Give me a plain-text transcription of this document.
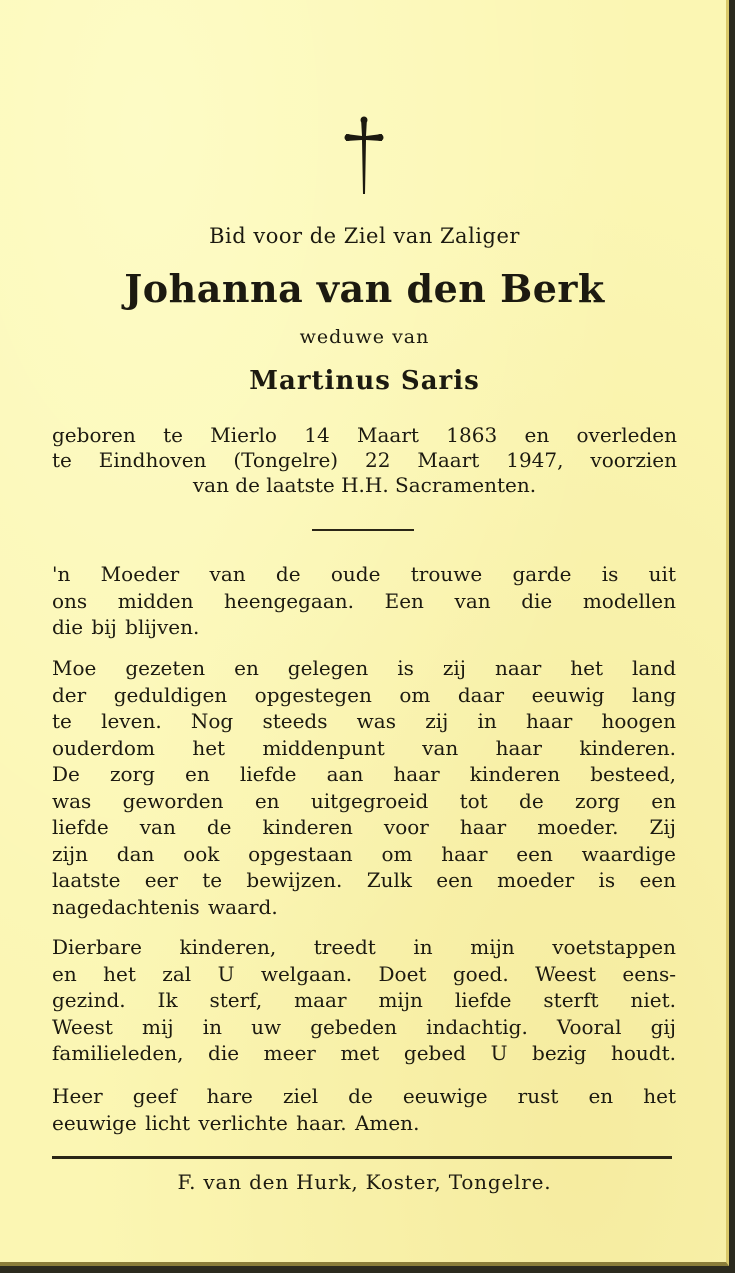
Bid voor de Ziel van Zaliger
Johanna van den Berk
weduwe van
Martinus Saris
geboren te Mierlo 14 Maart 1863 en overleden
te Eindhoven (Tongelre) 22 Maart 1947, voorzien
van de laatste H.H. Sacramenten.
'n Moeder van de oude trouwe garde is uit
ons midden heengegaan. Een van die modellen
die bij blijven.
Moe gezeten en gelegen is zij naar het land
der geduldigen opgestegen om daar eeuwig lang
te leven. Nog steeds was zij in haar hoogen
ouderdom het middenpunt van haar kinderen.
De zorg en liefde aan haar kinderen besteed,
was geworden en uitgegroeid tot de zorg en
liefde van de kinderen voor haar moeder. Zij
zijn dan ook opgestaan om haar een waardige
laatste eer te bewijzen. Zulk een moeder is een
nagedachtenis waard.
Dierbare kinderen, treedt in mijn voetstappen
en het zal U welgaan. Doet goed. Weest eens-
gezind. Ik sterf, maar mijn liefde sterft niet.
Weest mij in uw gebeden indachtig. Vooral gij
familieleden, die meer met gebed U bezig houdt.
Heer geef hare ziel de eeuwige rust en het
eeuwige licht verlichte haar. Amen.
F. van den Hurk, Koster, Tongelre.
